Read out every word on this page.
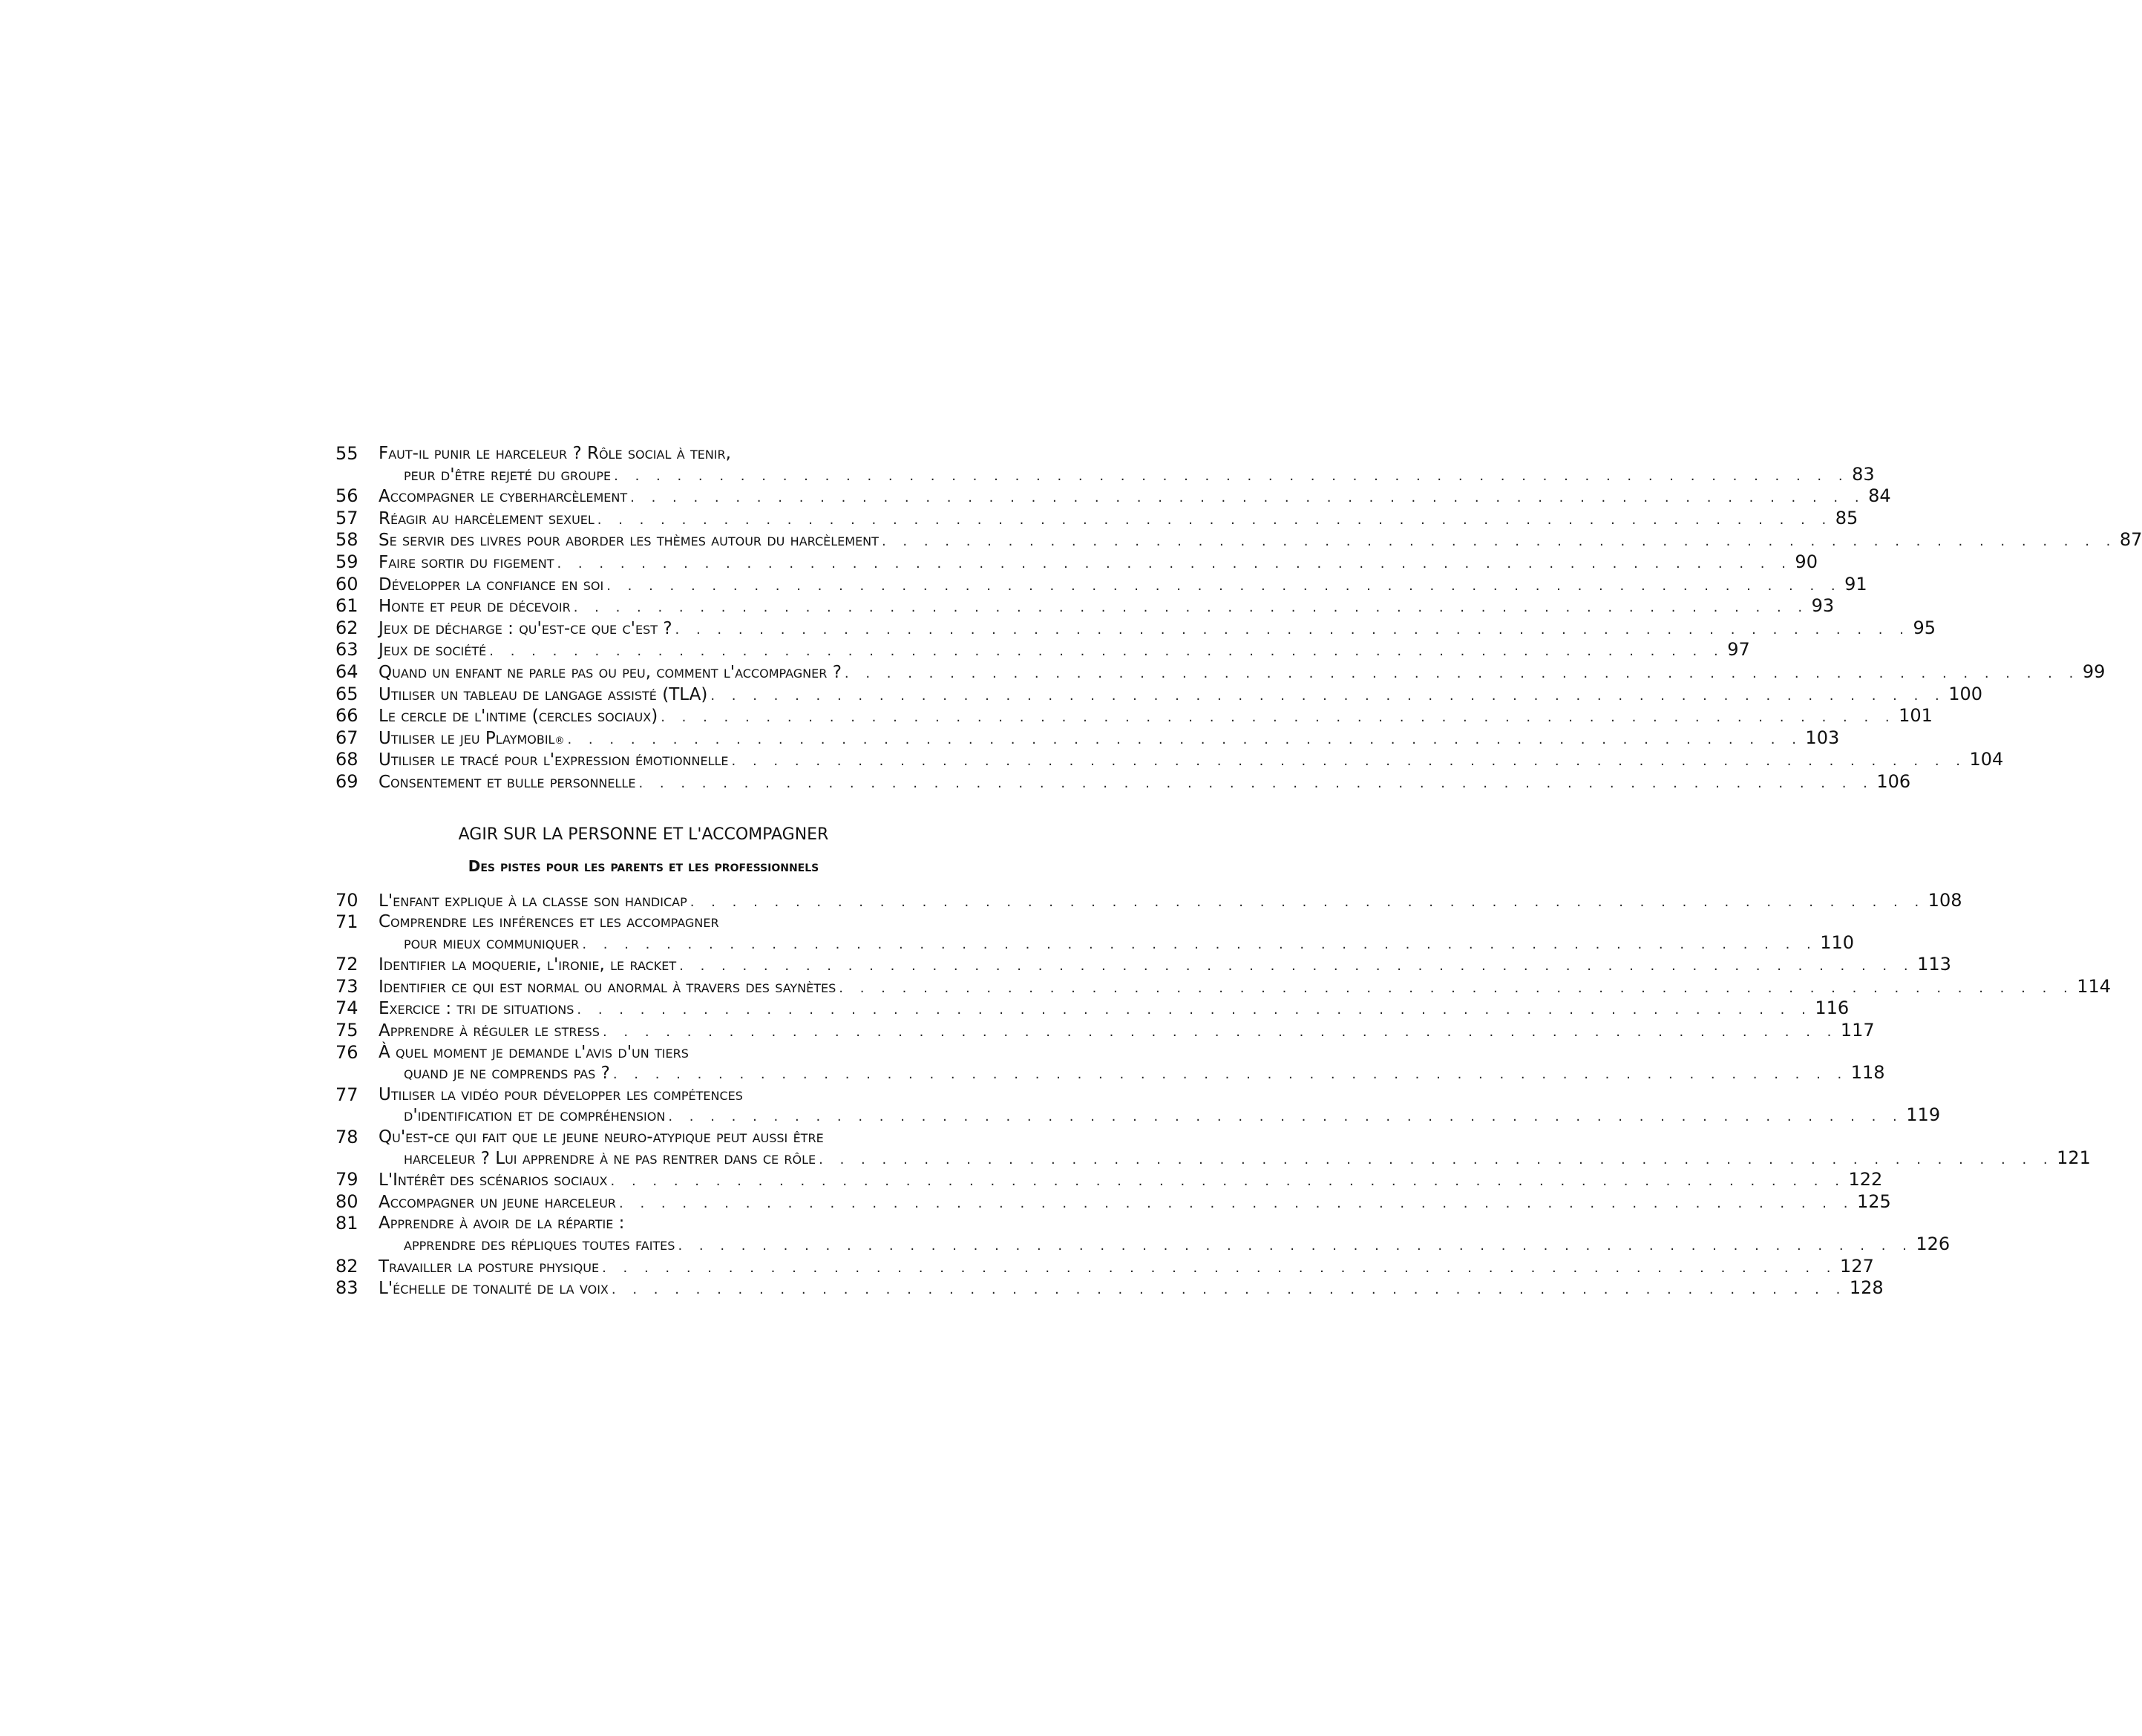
55	Faut-il punir le harceleur ? Rôle social à tenir,
peur d'être rejeté du groupe . . . . . . . . . . . . . . . . . . . . . . . . . . . . . . . . . . . . . . . . . . . . . . . . . . . . . . . . . . . 83
56	Accompagner le cyberharcèlement . . . . . . . . . . . . . . . . . . . . . . . . . . . . . . . . . . . . . . . . . . . . . . . . . . . . . . . . . . . 84
57	Réagir au harcèlement sexuel . . . . . . . . . . . . . . . . . . . . . . . . . . . . . . . . . . . . . . . . . . . . . . . . . . . . . . . . . . . 85
58	Se servir des livres pour aborder les thèmes autour du harcèlement . . . . . . . . . . . . . . . . . . . . . . . . . . . . . . . . . . . . . . . . . . . . . . . . . . . . . . . . . . . 87
59	Faire sortir du figement . . . . . . . . . . . . . . . . . . . . . . . . . . . . . . . . . . . . . . . . . . . . . . . . . . . . . . . . . . . 90
60	Développer la confiance en soi . . . . . . . . . . . . . . . . . . . . . . . . . . . . . . . . . . . . . . . . . . . . . . . . . . . . . . . . . . . 91
61	Honte et peur de décevoir . . . . . . . . . . . . . . . . . . . . . . . . . . . . . . . . . . . . . . . . . . . . . . . . . . . . . . . . . . . 93
62	Jeux de décharge : qu'est-ce que c'est ? . . . . . . . . . . . . . . . . . . . . . . . . . . . . . . . . . . . . . . . . . . . . . . . . . . . . . . . . . . . 95
63	Jeux de société . . . . . . . . . . . . . . . . . . . . . . . . . . . . . . . . . . . . . . . . . . . . . . . . . . . . . . . . . . . 97
64	Quand un enfant ne parle pas ou peu, comment l'accompagner ? . . . . . . . . . . . . . . . . . . . . . . . . . . . . . . . . . . . . . . . . . . . . . . . . . . . . . . . . . . . 99
65	Utiliser un tableau de langage assisté (TLA) . . . . . . . . . . . . . . . . . . . . . . . . . . . . . . . . . . . . . . . . . . . . . . . . . . . . . . . . . . . 100
66	Le cercle de l'intime (cercles sociaux) . . . . . . . . . . . . . . . . . . . . . . . . . . . . . . . . . . . . . . . . . . . . . . . . . . . . . . . . . . . 101
67	Utiliser le jeu Playmobil ® . . . . . . . . . . . . . . . . . . . . . . . . . . . . . . . . . . . . . . . . . . . . . . . . . . . . . . . . . . . 103
68	Utiliser le tracé pour l'expression émotionnelle . . . . . . . . . . . . . . . . . . . . . . . . . . . . . . . . . . . . . . . . . . . . . . . . . . . . . . . . . . . 104
69	Consentement et bulle personnelle . . . . . . . . . . . . . . . . . . . . . . . . . . . . . . . . . . . . . . . . . . . . . . . . . . . . . . . . . . . 106
AGIR SUR LA PERSONNE ET L'ACCOMPAGNER
Des pistes pour les parents et les professionnels
70	L'enfant explique à la classe son handicap . . . . . . . . . . . . . . . . . . . . . . . . . . . . . . . . . . . . . . . . . . . . . . . . . . . . . . . . . . . 108
71	Comprendre les inférences et les accompagner
pour mieux communiquer . . . . . . . . . . . . . . . . . . . . . . . . . . . . . . . . . . . . . . . . . . . . . . . . . . . . . . . . . . . 110
72	Identifier la moquerie, l'ironie, le racket . . . . . . . . . . . . . . . . . . . . . . . . . . . . . . . . . . . . . . . . . . . . . . . . . . . . . . . . . . . 113
73	Identifier ce qui est normal ou anormal à travers des saynètes . . . . . . . . . . . . . . . . . . . . . . . . . . . . . . . . . . . . . . . . . . . . . . . . . . . . . . . . . . . 114
74	Exercice : tri de situations . . . . . . . . . . . . . . . . . . . . . . . . . . . . . . . . . . . . . . . . . . . . . . . . . . . . . . . . . . . 116
75	Apprendre à réguler le stress . . . . . . . . . . . . . . . . . . . . . . . . . . . . . . . . . . . . . . . . . . . . . . . . . . . . . . . . . . . 117
76	À quel moment je demande l'avis d'un tiers
quand je ne comprends pas ? . . . . . . . . . . . . . . . . . . . . . . . . . . . . . . . . . . . . . . . . . . . . . . . . . . . . . . . . . . . 118
77	Utiliser la vidéo pour développer les compétences
d'identification et de compréhension . . . . . . . . . . . . . . . . . . . . . . . . . . . . . . . . . . . . . . . . . . . . . . . . . . . . . . . . . . . 119
78	Qu'est-ce qui fait que le jeune neuro-atypique peut aussi être
harceleur ? Lui apprendre à ne pas rentrer dans ce rôle . . . . . . . . . . . . . . . . . . . . . . . . . . . . . . . . . . . . . . . . . . . . . . . . . . . . . . . . . . . 121
79	L'Intérêt des scénarios sociaux . . . . . . . . . . . . . . . . . . . . . . . . . . . . . . . . . . . . . . . . . . . . . . . . . . . . . . . . . . . 122
80	Accompagner un jeune harceleur . . . . . . . . . . . . . . . . . . . . . . . . . . . . . . . . . . . . . . . . . . . . . . . . . . . . . . . . . . . 125
81	Apprendre à avoir de la répartie :
apprendre des répliques toutes faites . . . . . . . . . . . . . . . . . . . . . . . . . . . . . . . . . . . . . . . . . . . . . . . . . . . . . . . . . . . 126
82	Travailler la posture physique . . . . . . . . . . . . . . . . . . . . . . . . . . . . . . . . . . . . . . . . . . . . . . . . . . . . . . . . . . . 127
83	L'échelle de tonalité de la voix . . . . . . . . . . . . . . . . . . . . . . . . . . . . . . . . . . . . . . . . . . . . . . . . . . . . . . . . . . . 128
